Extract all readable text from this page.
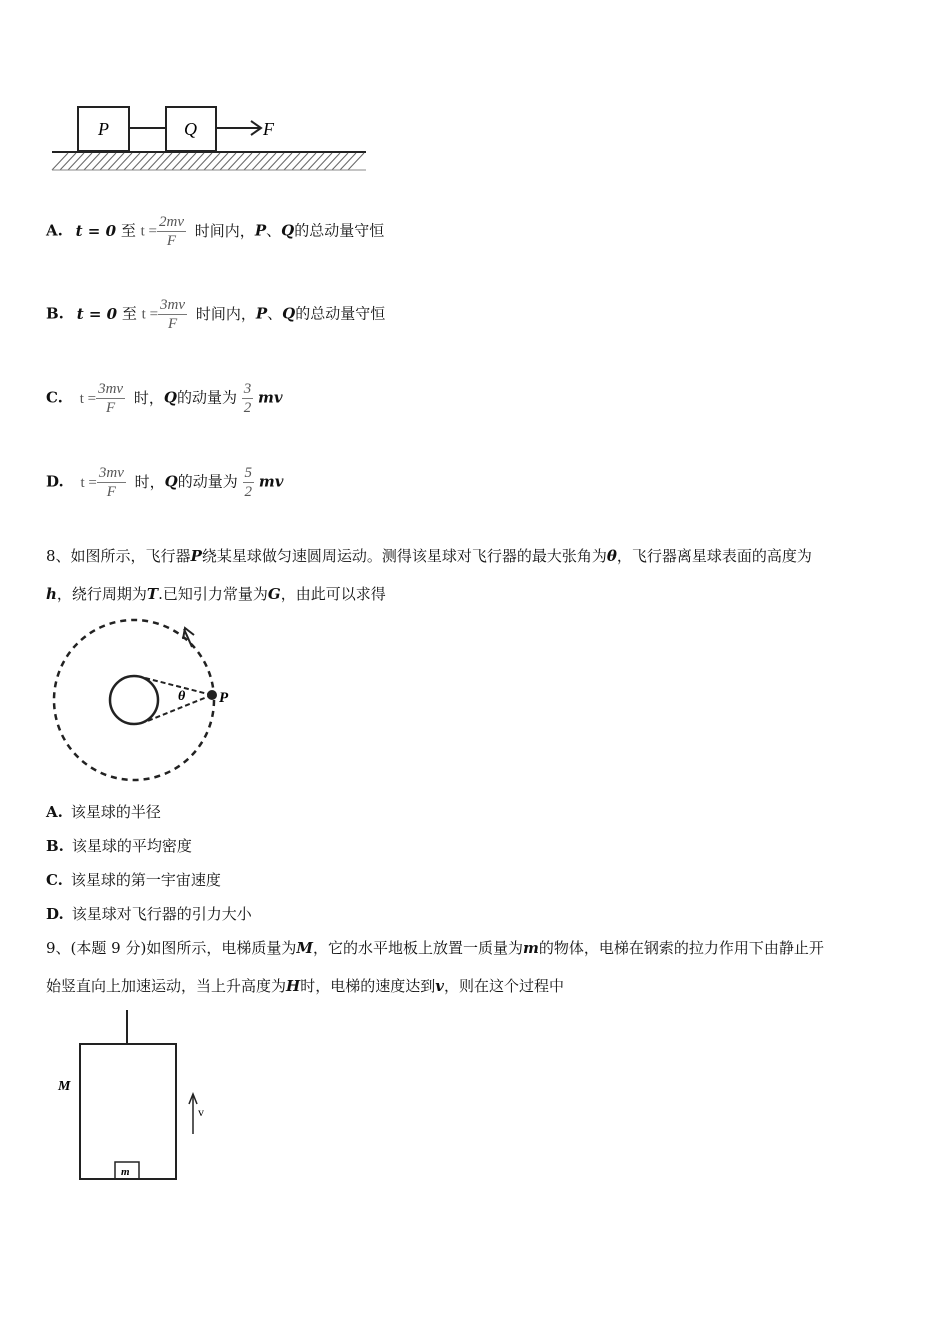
P	Q	F
A. t = 0 至 $t = \frac{2mv}{F}$ 时间内，P、Q的总动量守恒
B. t = 0 至 $t = \frac{3mv}{F}$ 时间内，P、Q的总动量守恒
C. $t = \frac{3mv}{F}$ 时，Q的动量为 $\frac{3}{2}$ mv
D. $t = \frac{3mv}{F}$ 时，Q的动量为 $\frac{5}{2}$ mv
8、如图所示，飞行器P绕某星球做匀速圆周运动。测得该星球对飞行器的最大张角为θ，飞行器离星球表面的高度为
h，绕行周期为T.已知引力常量为G，由此可以求得
θ P
A. 该星球的半径
B. 该星球的平均密度
C. 该星球的第一宇宙速度
D. 该星球对飞行器的引力大小
9、(本题 9 分)如图所示，电梯质量为M，它的水平地板上放置一质量为m的物体，电梯在钢索的拉力作用下由静止开
始竖直向上加速运动，当上升高度为H时，电梯的速度达到v，则在这个过程中
m
M
v
